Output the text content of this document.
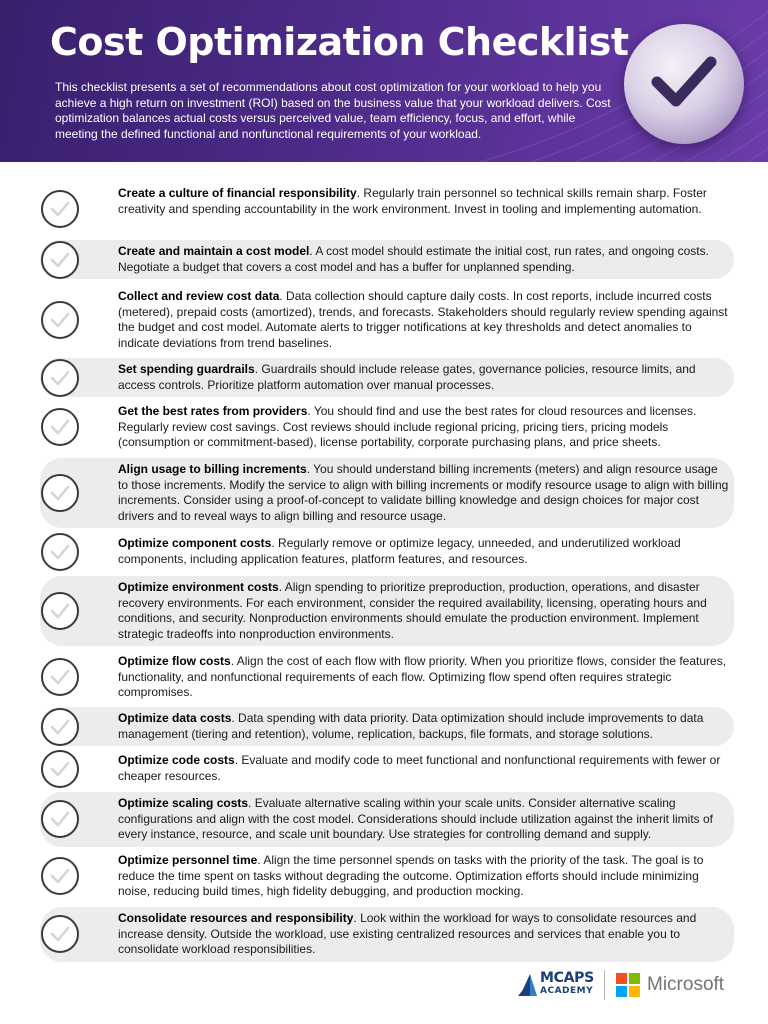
Cost Optimization Checklist

This checklist presents a set of recommendations about cost optimization for your workload to help you achieve a high return on investment (ROI) based on the business value that your workload delivers. Cost optimization balances actual costs versus perceived value, team efficiency, focus, and effort, while meeting the defined functional and nonfunctional requirements of your workload.

Create a culture of financial responsibility. Regularly train personnel so technical skills remain sharp. Foster creativity and spending accountability in the work environment. Invest in tooling and implementing automation.
Create and maintain a cost model. A cost model should estimate the initial cost, run rates, and ongoing costs. Negotiate a budget that covers a cost model and has a buffer for unplanned spending.
Collect and review cost data. Data collection should capture daily costs. In cost reports, include incurred costs (metered), prepaid costs (amortized), trends, and forecasts. Stakeholders should regularly review spending against the budget and cost model. Automate alerts to trigger notifications at key thresholds and detect anomalies to indicate deviations from trend baselines.
Set spending guardrails. Guardrails should include release gates, governance policies, resource limits, and access controls. Prioritize platform automation over manual processes.
Get the best rates from providers. You should find and use the best rates for cloud resources and licenses. Regularly review cost savings. Cost reviews should include regional pricing, pricing tiers, pricing models (consumption or commitment-based), license portability, corporate purchasing plans, and price sheets.
Align usage to billing increments. You should understand billing increments (meters) and align resource usage to those increments. Modify the service to align with billing increments or modify resource usage to align with billing increments. Consider using a proof-of-concept to validate billing knowledge and design choices for major cost drivers and to reveal ways to align billing and resource usage.
Optimize component costs. Regularly remove or optimize legacy, unneeded, and underutilized workload components, including application features, platform features, and resources.
Optimize environment costs. Align spending to prioritize preproduction, production, operations, and disaster recovery environments. For each environment, consider the required availability, licensing, operating hours and conditions, and security. Nonproduction environments should emulate the production environment. Implement strategic tradeoffs into nonproduction environments.
Optimize flow costs. Align the cost of each flow with flow priority. When you prioritize flows, consider the features, functionality, and nonfunctional requirements of each flow. Optimizing flow spend often requires strategic compromises.
Optimize data costs. Data spending with data priority. Data optimization should include improvements to data management (tiering and retention), volume, replication, backups, file formats, and storage solutions.
Optimize code costs. Evaluate and modify code to meet functional and nonfunctional requirements with fewer or cheaper resources.
Optimize scaling costs. Evaluate alternative scaling within your scale units. Consider alternative scaling configurations and align with the cost model. Considerations should include utilization against the inherit limits of every instance, resource, and scale unit boundary. Use strategies for controlling demand and supply.
Optimize personnel time. Align the time personnel spends on tasks with the priority of the task. The goal is to reduce the time spent on tasks without degrading the outcome. Optimization efforts should include minimizing noise, reducing build times, high fidelity debugging, and production mocking.
Consolidate resources and responsibility. Look within the workload for ways to consolidate resources and increase density. Outside the workload, use existing centralized resources and services that enable you to consolidate workload responsibilities.
MCAPS
ACADEMY	Microsoft
